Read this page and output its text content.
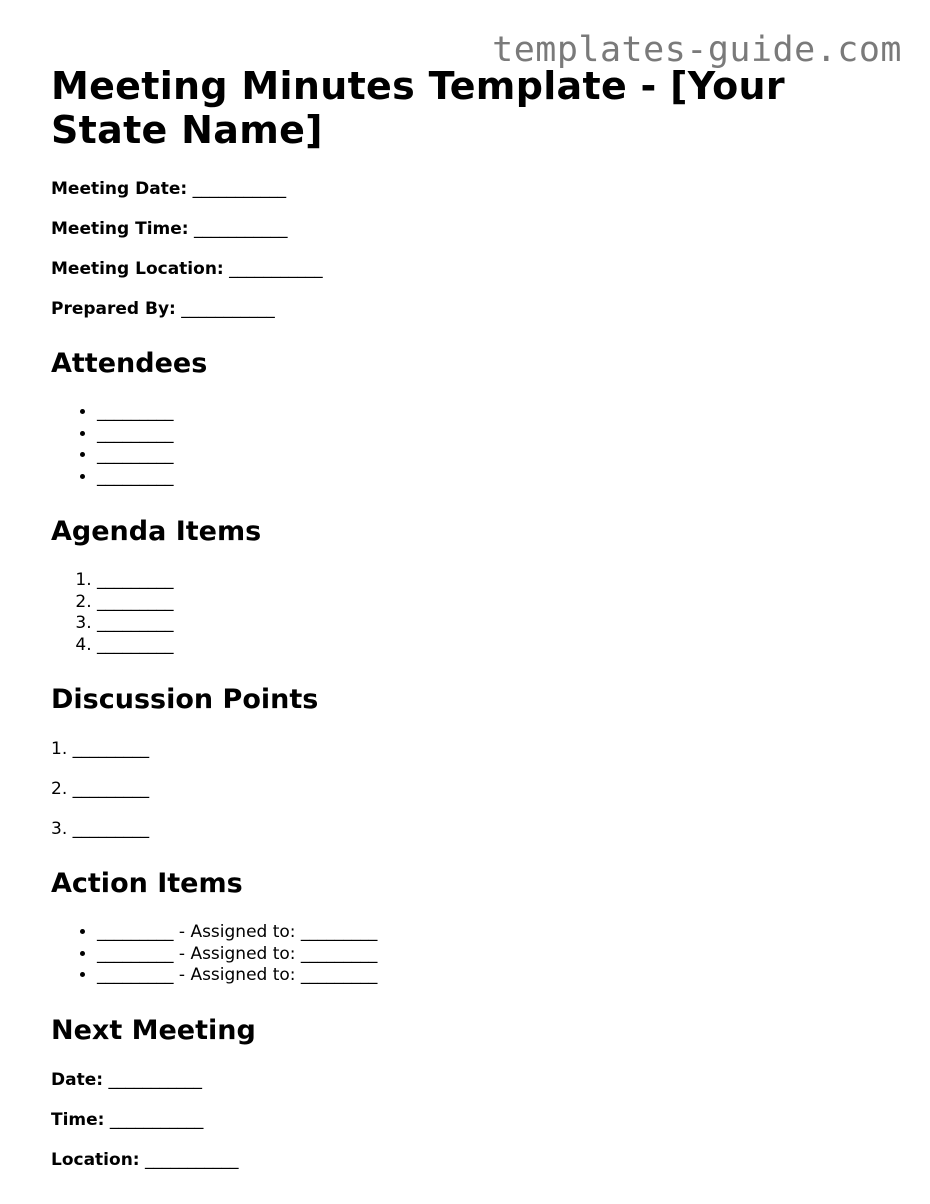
templates-guide.com
Meeting Minutes Template - [Your State Name]

Meeting Date: ___________

Meeting Time: ___________

Meeting Location: ___________

Prepared By: ___________

Attendees
• _________
• _________
• _________
• _________
Agenda Items
1. _________
2. _________
3. _________
4. _________
Discussion Points

1. _________

2. _________

3. _________

Action Items
• _________ - Assigned to: _________
• _________ - Assigned to: _________
• _________ - Assigned to: _________
Next Meeting

Date: ___________

Time: ___________

Location: ___________
